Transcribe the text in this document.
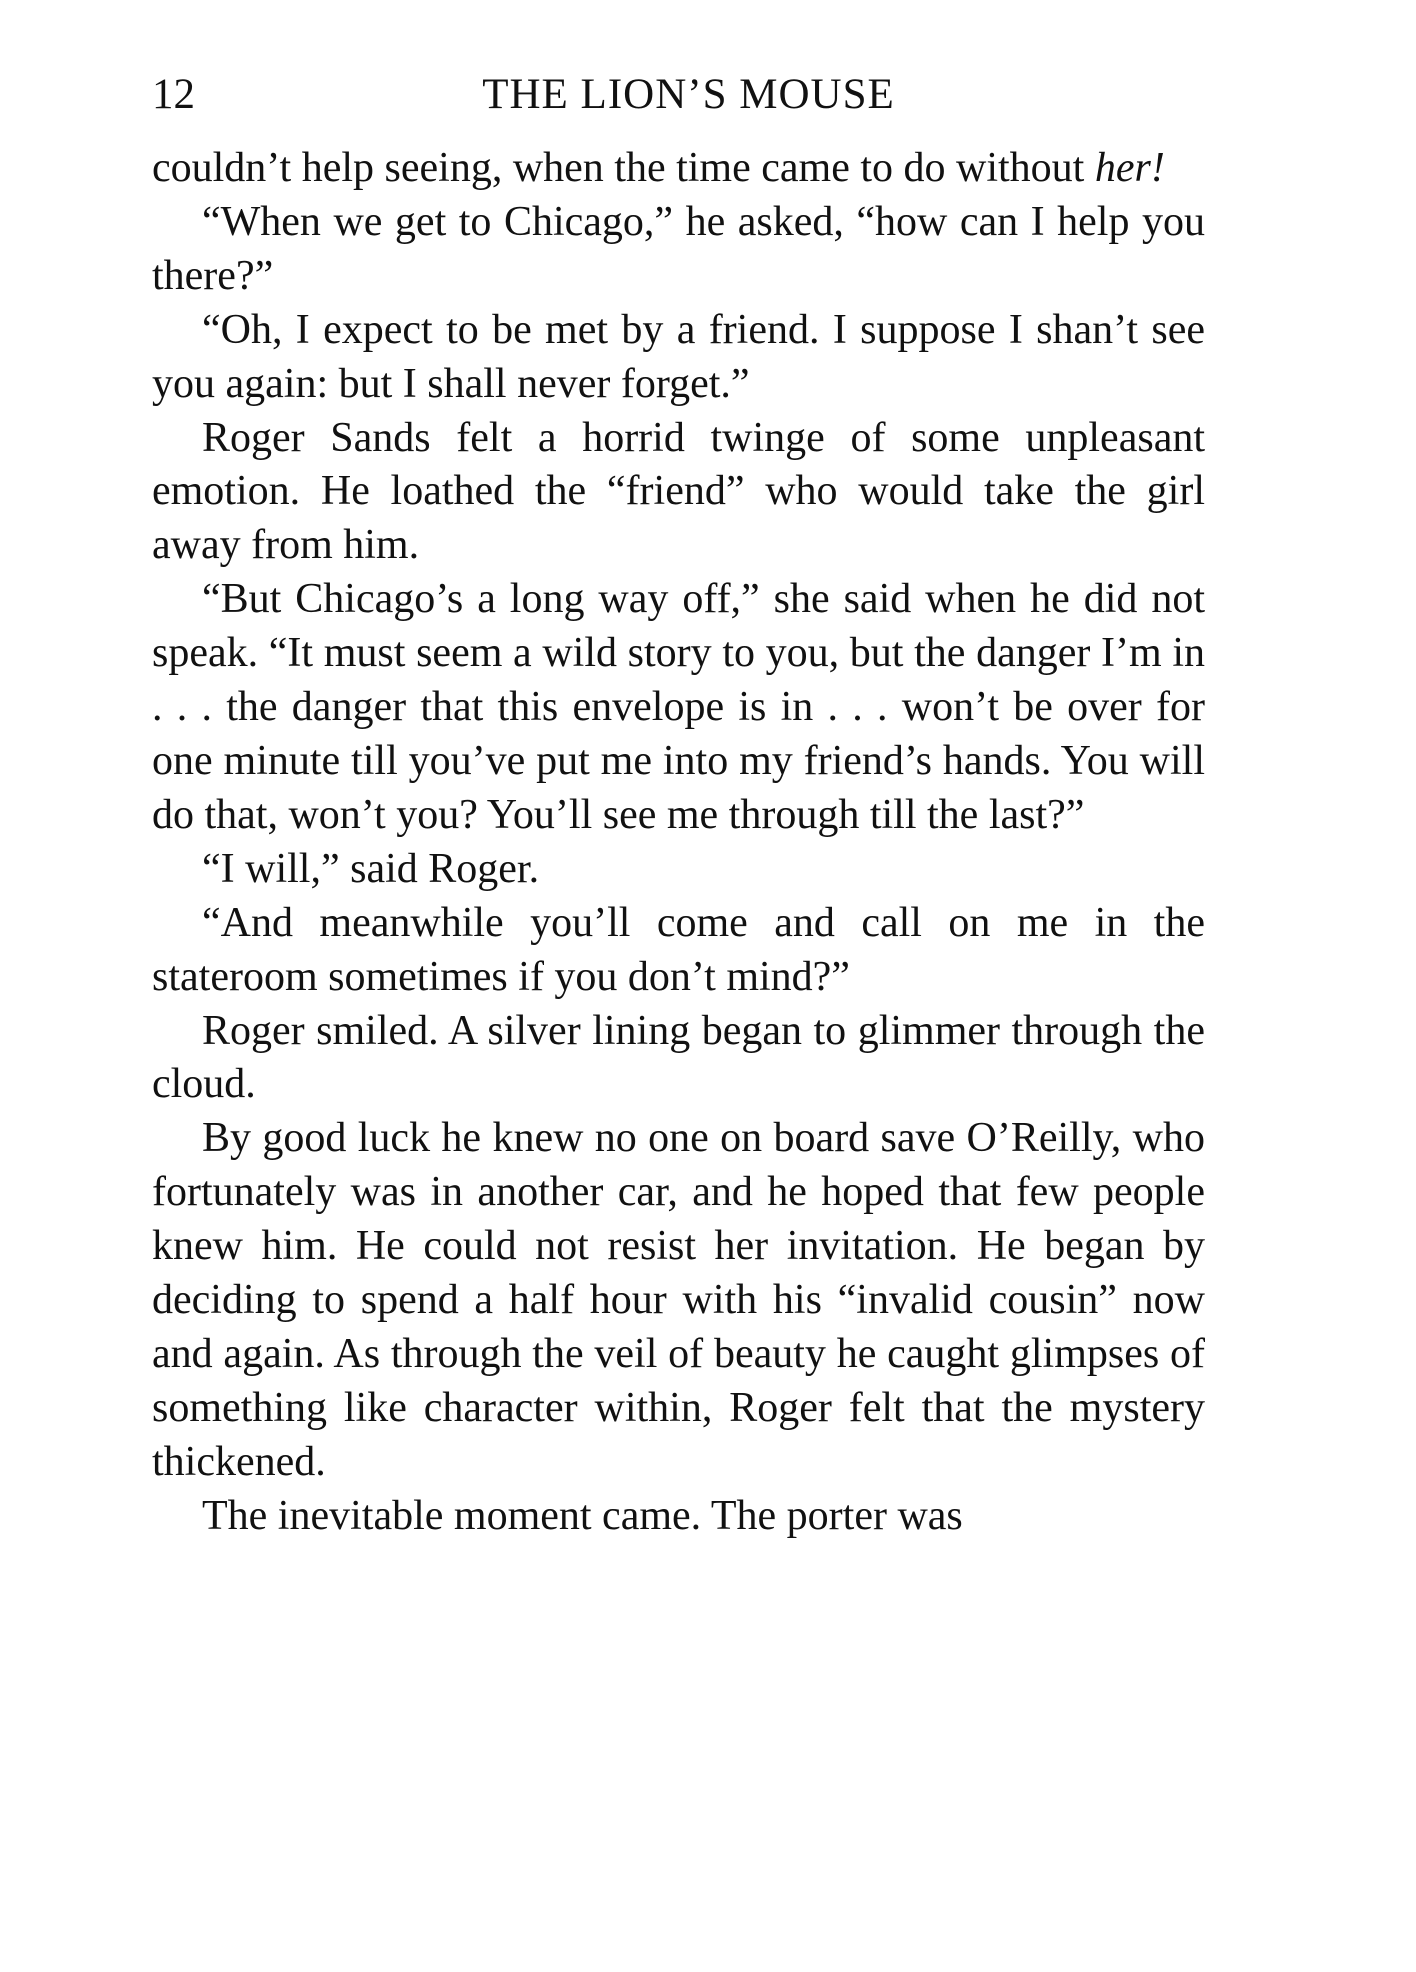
12	THE LION’S MOUSE

couldn’t help seeing, when the time came to do without her!

“When we get to Chicago,” he asked, “how can I help you there?”

“Oh, I expect to be met by a friend. I suppose I shan’t see you again: but I shall never forget.”

Roger Sands felt a horrid twinge of some unpleasant emotion. He loathed the “friend” who would take the girl away from him.

“But Chicago’s a long way off,” she said when he did not speak. “It must seem a wild story to you, but the danger I’m in . . . the danger that this envelope is in . . . won’t be over for one minute till you’ve put me into my friend’s hands. You will do that, won’t you? You’ll see me through till the last?”

“I will,” said Roger.

“And meanwhile you’ll come and call on me in the stateroom sometimes if you don’t mind?”

Roger smiled. A silver lining began to glimmer through the cloud.

By good luck he knew no one on board save O’Reilly, who fortunately was in another car, and he hoped that few people knew him. He could not resist her invitation. He began by deciding to spend a half hour with his “invalid cousin” now and again. As through the veil of beauty he caught glimpses of something like character within, Roger felt that the mystery thickened.

The inevitable moment came. The porter was
